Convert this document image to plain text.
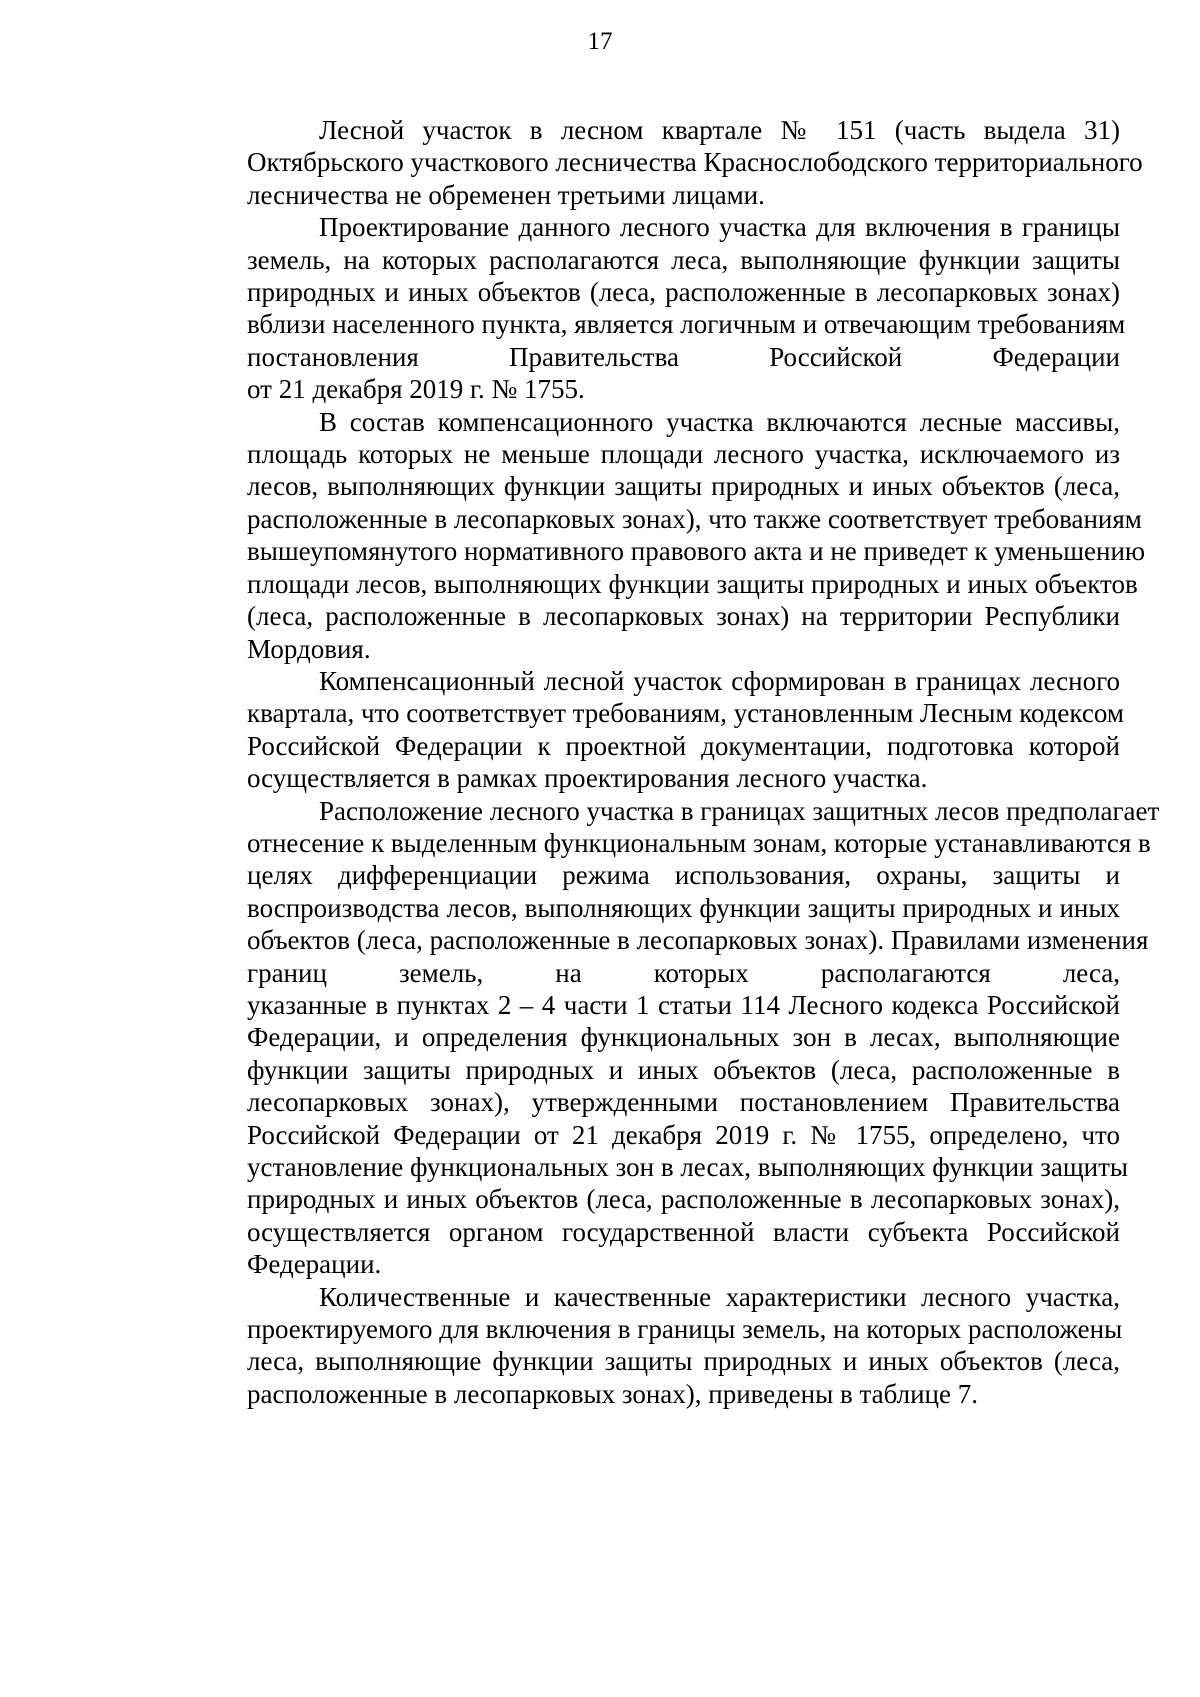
17
Лесной участок в лесном квартале № 151 (часть выдела 31)
Октябрьского участкового лесничества Краснослободского территориального
лесничества не обременен третьими лицами.
Проектирование данного лесного участка для включения в границы
земель, на которых располагаются леса, выполняющие функции защиты
природных и иных объектов (леса, расположенные в лесопарковых зонах)
вблизи населенного пункта, является логичным и отвечающим требованиям
постановления Правительства Российской Федерации
от 21 декабря 2019 г. № 1755.
В состав компенсационного участка включаются лесные массивы,
площадь которых не меньше площади лесного участка, исключаемого из
лесов, выполняющих функции защиты природных и иных объектов (леса,
расположенные в лесопарковых зонах), что также соответствует требованиям
вышеупомянутого нормативного правового акта и не приведет к уменьшению
площади лесов, выполняющих функции защиты природных и иных объектов
(леса, расположенные в лесопарковых зонах) на территории Республики
Мордовия.
Компенсационный лесной участок сформирован в границах лесного
квартала, что соответствует требованиям, установленным Лесным кодексом
Российской Федерации к проектной документации, подготовка которой
осуществляется в рамках проектирования лесного участка.
Расположение лесного участка в границах защитных лесов предполагает
отнесение к выделенным функциональным зонам, которые устанавливаются в
целях дифференциации режима использования, охраны, защиты и
воспроизводства лесов, выполняющих функции защиты природных и иных
объектов (леса, расположенные в лесопарковых зонах). Правилами изменения
границ земель, на которых располагаются леса,
указанные в пунктах 2 – 4 части 1 статьи 114 Лесного кодекса Российской
Федерации, и определения функциональных зон в лесах, выполняющие
функции защиты природных и иных объектов (леса, расположенные в
лесопарковых зонах), утвержденными постановлением Правительства
Российской Федерации от 21 декабря 2019 г. № 1755, определено, что
установление функциональных зон в лесах, выполняющих функции защиты
природных и иных объектов (леса, расположенные в лесопарковых зонах),
осуществляется органом государственной власти субъекта Российской
Федерации.
Количественные и качественные характеристики лесного участка,
проектируемого для включения в границы земель, на которых расположены
леса, выполняющие функции защиты природных и иных объектов (леса,
расположенные в лесопарковых зонах), приведены в таблице 7.
